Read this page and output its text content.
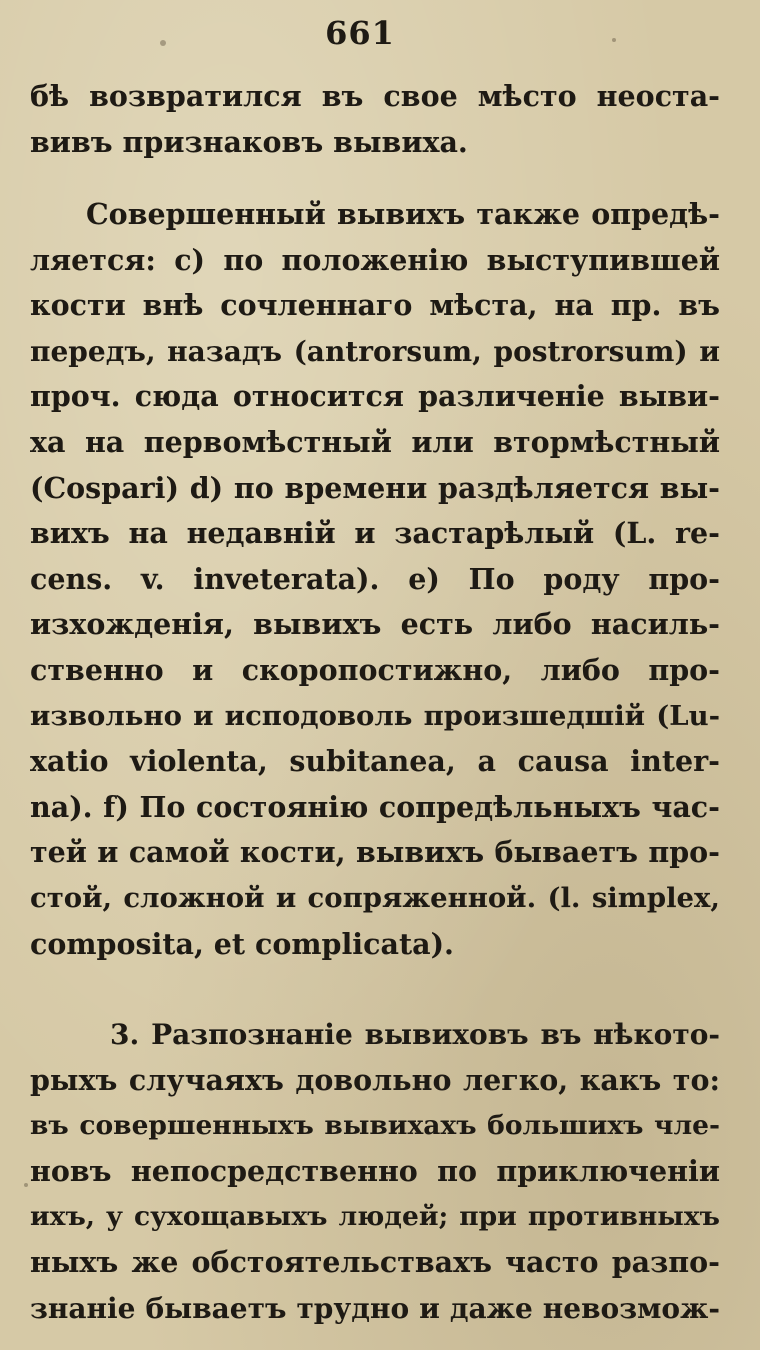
661
бѣ возвратился въ свое мѣсто неоста-
вивъ признаковъ вывиха.
Совершенный вывихъ также опредѣ-
ляется: c) по положенію выступившей
кости внѣ сочленнаго мѣста, на пр. въ
передъ, назадъ (antrorsum, postrorsum) и
проч. сюда относится различеніе выви-
ха на первомѣстный или втормѣстный
(Cospari) d) по времени раздѣляется вы-
вихъ на недавній и застарѣлый (L. re-
cens. v. inveterata). e) По роду про-
изхожденія, вывихъ есть либо насиль-
ственно и скоропостижно, либо про-
извольно и исподоволь произшедшій (Lu-
xatio violenta, subitanea, a causa inter-
na). f) По состоянію сопредѣльныхъ час-
тей и самой кости, вывихъ бываетъ про-
стой, сложной и сопряженной. (l. simplex,
composita, et complicata).
3. Разпознаніе вывиховъ въ нѣкото-
рыхъ случаяхъ довольно легко, какъ то:
въ совершенныхъ вывихахъ большихъ чле-
новъ непосредственно по приключеніи
ихъ, у сухощавыхъ людей; при противныхъ
ныхъ же обстоятельствахъ часто разпо-
знаніе бываетъ трудно и даже невозмож-
